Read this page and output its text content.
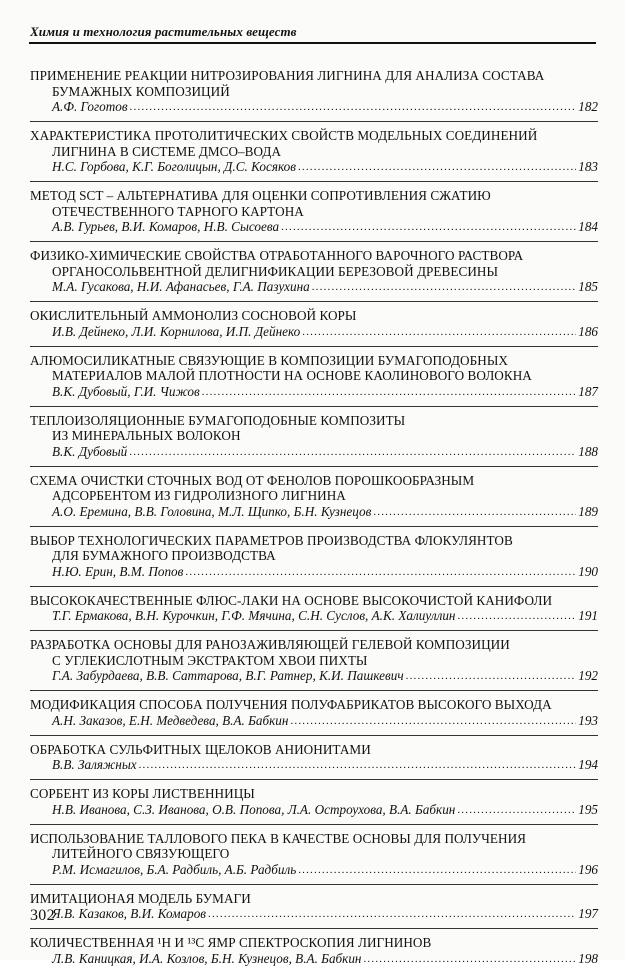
Химия и технология растительных веществ
ПРИМЕНЕНИЕ РЕАКЦИИ НИТРОЗИРОВАНИЯ ЛИГНИНА ДЛЯ АНАЛИЗА СОСТАВА
БУМАЖНЫХ КОМПОЗИЦИЙ
А.Ф. Гоготов .....	182
ХАРАКТЕРИСТИКА ПРОТОЛИТИЧЕСКИХ СВОЙСТВ МОДЕЛЬНЫХ СОЕДИНЕНИЙ
ЛИГНИНА В СИСТЕМЕ ДМСО–ВОДА
Н.С. Горбова, К.Г. Боголицын, Д.С. Косяков .....	183
МЕТОД SCT – АЛЬТЕРНАТИВА ДЛЯ ОЦЕНКИ СОПРОТИВЛЕНИЯ СЖАТИЮ
ОТЕЧЕСТВЕННОГО ТАРНОГО КАРТОНА
А.В. Гурьев, В.И. Комаров, Н.В. Сысоева .....	184
ФИЗИКО-ХИМИЧЕСКИЕ СВОЙСТВА ОТРАБОТАННОГО ВАРОЧНОГО РАСТВОРА
ОРГАНОСОЛЬВЕНТНОЙ ДЕЛИГНИФИКАЦИИ БЕРЕЗОВОЙ ДРЕВЕСИНЫ
М.А. Гусакова, Н.И. Афанасьев, Г.А. Пазухина .....	185
ОКИСЛИТЕЛЬНЫЙ АММОНОЛИЗ СОСНОВОЙ КОРЫ
И.В. Дейнеко, Л.И. Корнилова, И.П. Дейнеко .....	186
АЛЮМОСИЛИКАТНЫЕ СВЯЗУЮЩИЕ В КОМПОЗИЦИИ БУМАГОПОДОБНЫХ
МАТЕРИАЛОВ МАЛОЙ ПЛОТНОСТИ НА ОСНОВЕ КАОЛИНОВОГО ВОЛОКНА
В.К. Дубовый, Г.И. Чижов .....	187
ТЕПЛОИЗОЛЯЦИОННЫЕ БУМАГОПОДОБНЫЕ КОМПОЗИТЫ
ИЗ МИНЕРАЛЬНЫХ ВОЛОКОН
В.К. Дубовый .....	188
СХЕМА ОЧИСТКИ СТОЧНЫХ ВОД ОТ ФЕНОЛОВ ПОРОШКООБРАЗНЫМ
АДСОРБЕНТОМ ИЗ ГИДРОЛИЗНОГО ЛИГНИНА
А.О. Еремина, В.В. Головина, М.Л. Щипко, Б.Н. Кузнецов .....	189
ВЫБОР ТЕХНОЛОГИЧЕСКИХ ПАРАМЕТРОВ ПРОИЗВОДСТВА ФЛОКУЛЯНТОВ
ДЛЯ БУМАЖНОГО ПРОИЗВОДСТВА
Н.Ю. Ерин, В.М. Попов .....	190
ВЫСОКОКАЧЕСТВЕННЫЕ ФЛЮС-ЛАКИ НА ОСНОВЕ ВЫСОКОЧИСТОЙ КАНИФОЛИ
Т.Г. Ермакова, В.Н. Курочкин, Г.Ф. Мячина, С.Н. Суслов, А.К. Халиуллин .....	191
РАЗРАБОТКА ОСНОВЫ ДЛЯ РАНОЗАЖИВЛЯЮЩЕЙ ГЕЛЕВОЙ КОМПОЗИЦИИ
С УГЛЕКИСЛОТНЫМ ЭКСТРАКТОМ ХВОИ ПИХТЫ
Г.А. Забурдаева, В.В. Саттарова, В.Г. Ратнер, К.И. Пашкевич .....	192
МОДИФИКАЦИЯ СПОСОБА ПОЛУЧЕНИЯ ПОЛУФАБРИКАТОВ ВЫСОКОГО ВЫХОДА
А.Н. Заказов, Е.Н. Медведева, В.А. Бабкин .....	193
ОБРАБОТКА СУЛЬФИТНЫХ ЩЕЛОКОВ АНИОНИТАМИ
В.В. Заляжных .....	194
СОРБЕНТ ИЗ КОРЫ ЛИСТВЕННИЦЫ
Н.В. Иванова, С.З. Иванова, О.В. Попова, Л.А. Остроухова, В.А. Бабкин .....	195
ИСПОЛЬЗОВАНИЕ ТАЛЛОВОГО ПЕКА В КАЧЕСТВЕ ОСНОВЫ ДЛЯ ПОЛУЧЕНИЯ
ЛИТЕЙНОГО СВЯЗУЮЩЕГО
Р.М. Исмагилов, Б.А. Радбиль, А.Б. Радбиль .....	196
ИМИТАЦИОНАЯ МОДЕЛЬ БУМАГИ
Я.В. Казаков, В.И. Комаров .....	197
КОЛИЧЕСТВЕННАЯ ¹H И ¹³C ЯМР СПЕКТРОСКОПИЯ ЛИГНИНОВ
Л.В. Каницкая, И.А. Козлов, Б.Н. Кузнецов, В.А. Бабкин .....	198
302
